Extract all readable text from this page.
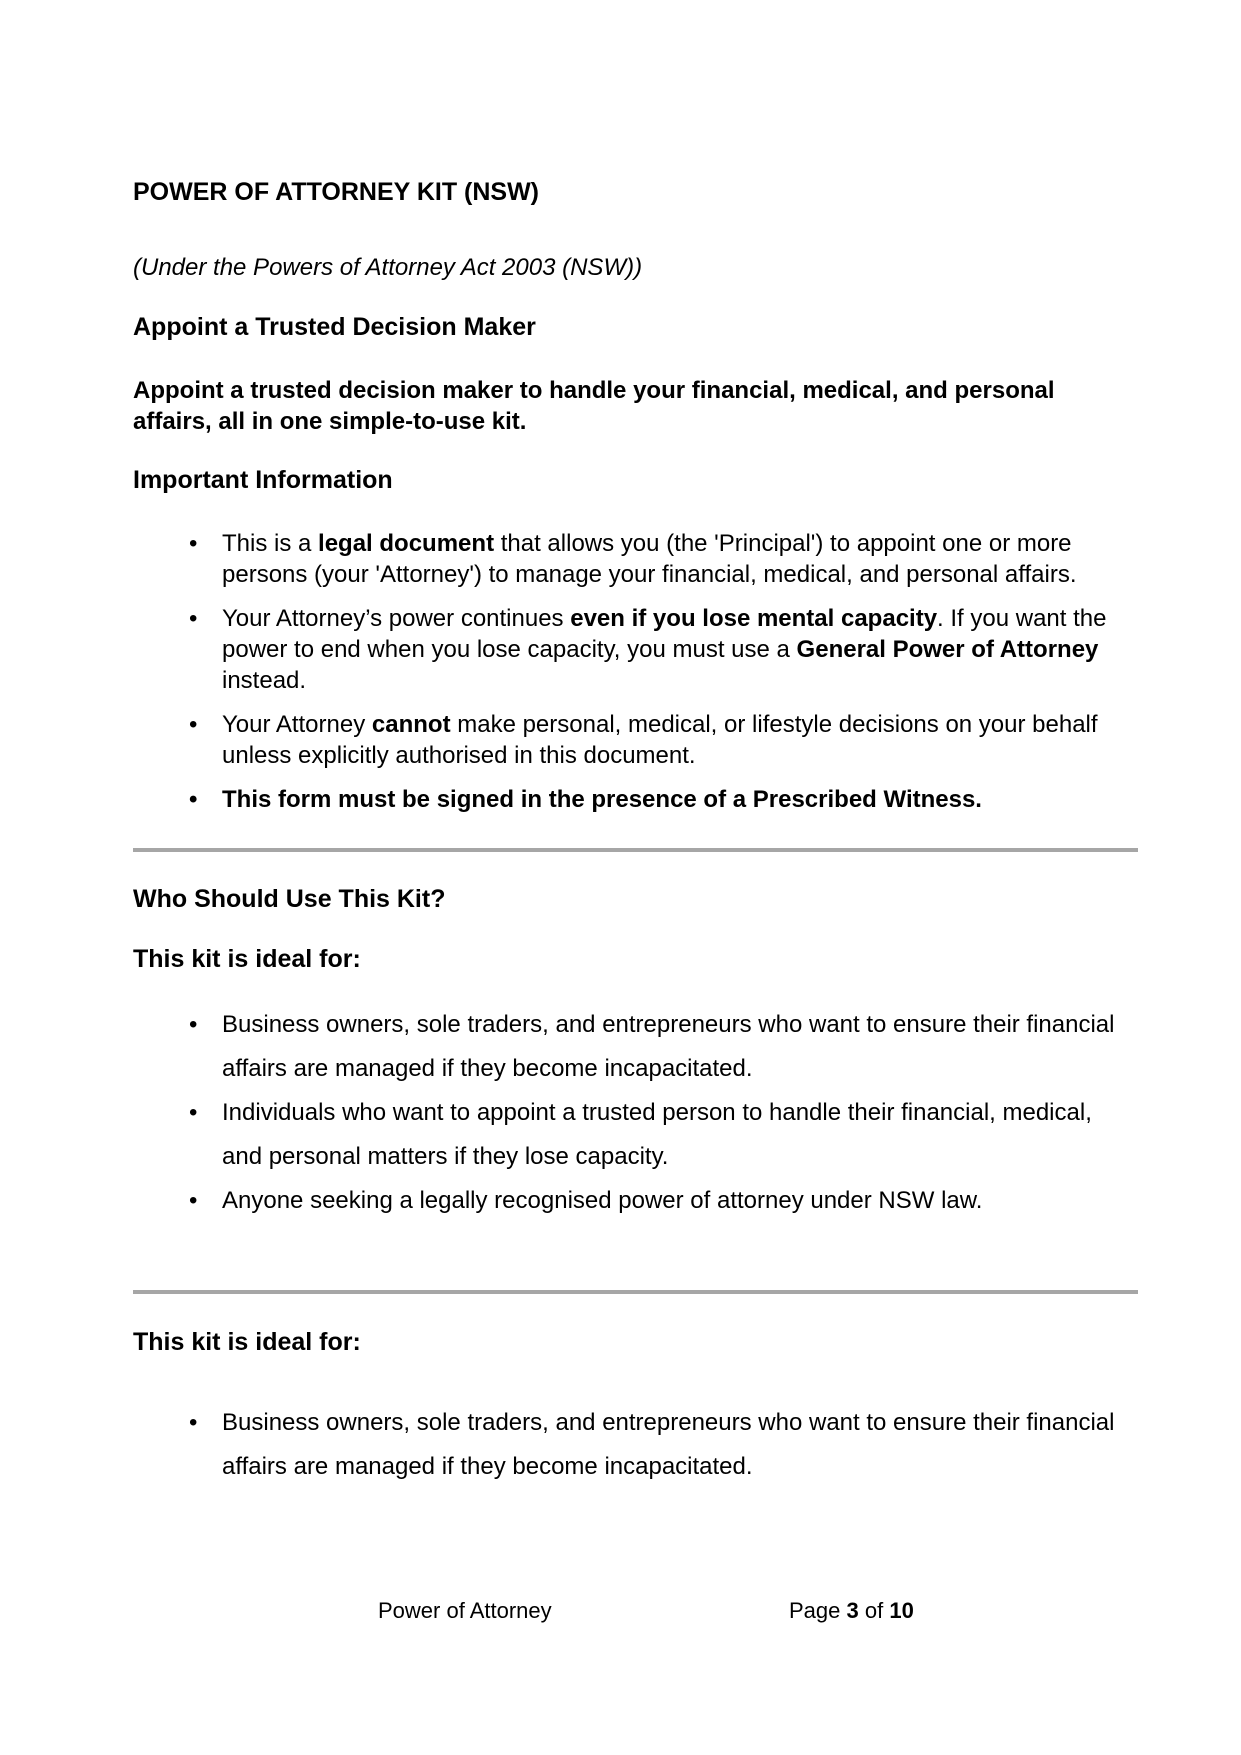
POWER OF ATTORNEY KIT (NSW)

(Under the Powers of Attorney Act 2003 (NSW))

Appoint a Trusted Decision Maker

Appoint a trusted decision maker to handle your financial, medical, and personal affairs, all in one simple-to-use kit.

Important Information
• This is a legal document that allows you (the 'Principal') to appoint one or more persons (your 'Attorney') to manage your financial, medical, and personal affairs.
• Your Attorney’s power continues even if you lose mental capacity. If you want the power to end when you lose capacity, you must use a General Power of Attorney instead.
• Your Attorney cannot make personal, medical, or lifestyle decisions on your behalf unless explicitly authorised in this document.
• This form must be signed in the presence of a Prescribed Witness.
Who Should Use This Kit?
This kit is ideal for:
• Business owners, sole traders, and entrepreneurs who want to ensure their financial affairs are managed if they become incapacitated.
• Individuals who want to appoint a trusted person to handle their financial, medical, and personal matters if they lose capacity.
• Anyone seeking a legally recognised power of attorney under NSW law.
This kit is ideal for:
• Business owners, sole traders, and entrepreneurs who want to ensure their financial affairs are managed if they become incapacitated.
Power of Attorney	Page 3 of 10
